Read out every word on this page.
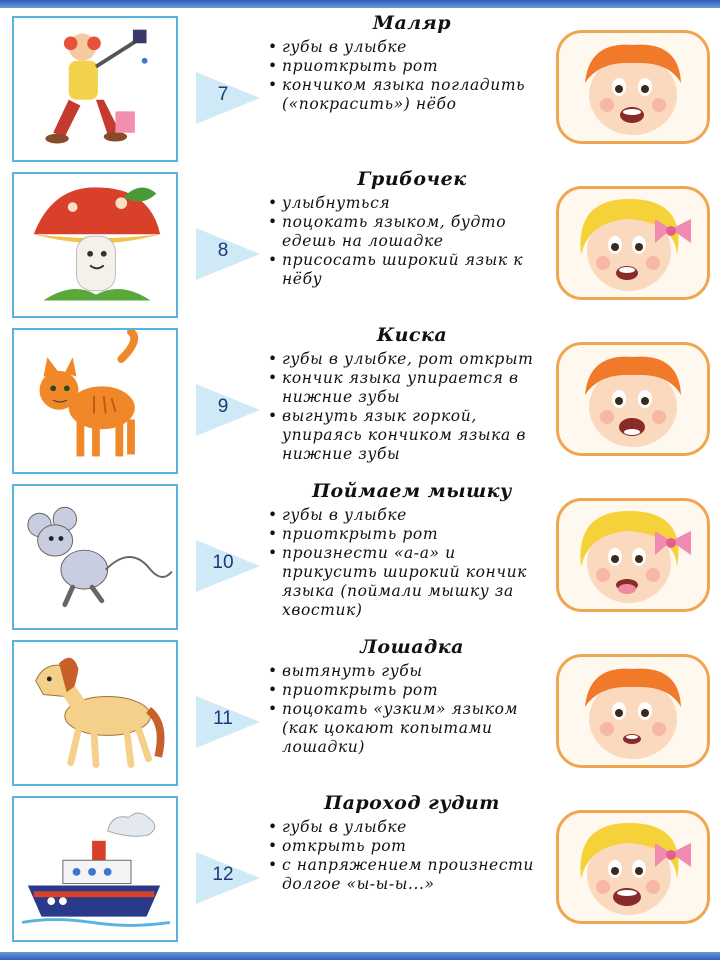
7
Маляр
• губы в улыбке
• приоткрыть рот
• кончиком языка погладить («покрасить») нёбо
8
Грибочек
• улыбнуться
• поцокать языком, будто едешь на лошадке
• присосать широкий язык к нёбу
9
Киска
• губы в улыбке, рот открыт
• кончик языка упирается в нижние зубы
• выгнуть язык горкой, упираясь кончиком языка в нижние зубы
10
Поймаем мышку
• губы в улыбке
• приоткрыть рот
• произнести «а-а» и прикусить широкий кончик языка (поймали мышку за хвостик)
11
Лошадка
• вытянуть губы
• приоткрыть рот
• поцокать «узким» языком (как цокают копытами лошадки)
12
Пароход гудит
• губы в улыбке
• открыть рот
• с напряжением произнести долгое «ы-ы-ы...»
